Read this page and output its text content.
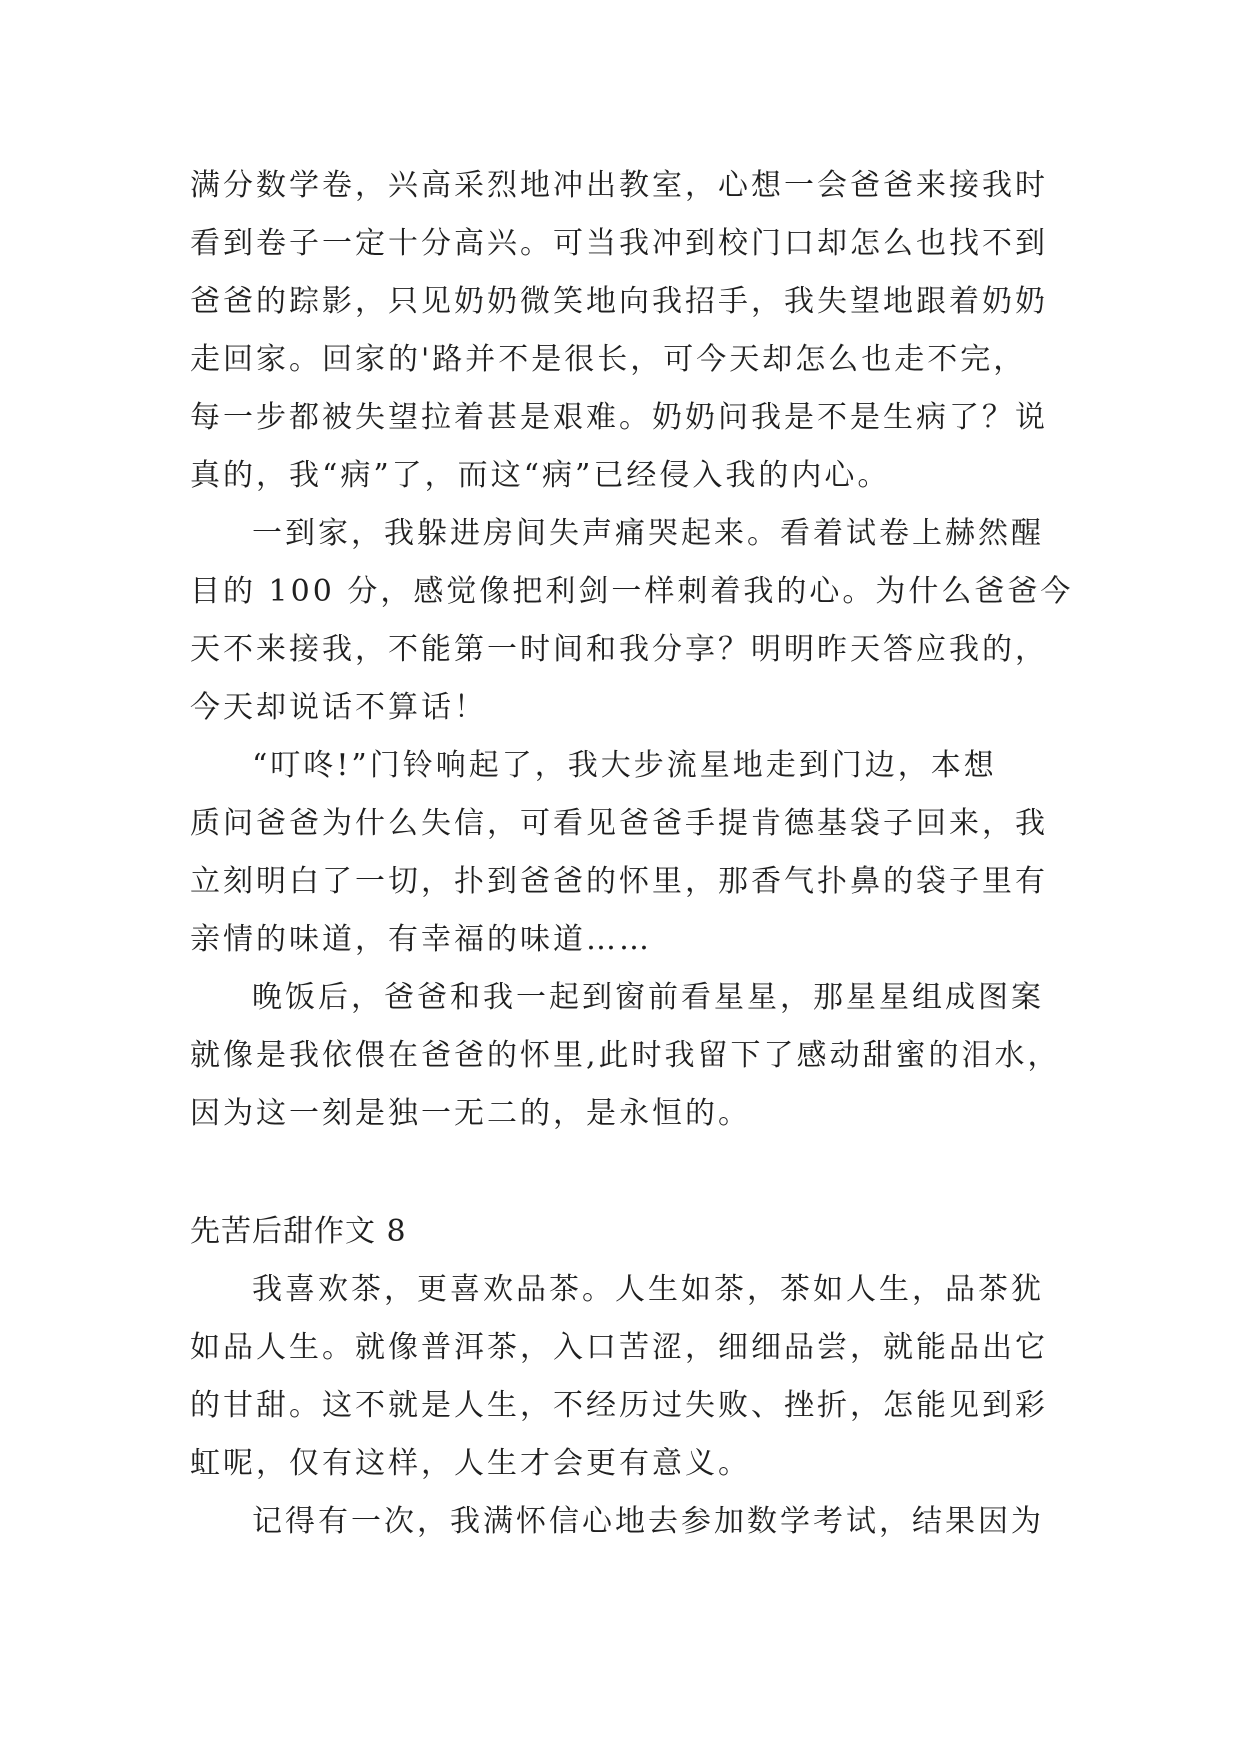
满分数学卷，兴高采烈地冲出教室，心想一会爸爸来接我时

看到卷子一定十分高兴。可当我冲到校门口却怎么也找不到

爸爸的踪影，只见奶奶微笑地向我招手，我失望地跟着奶奶

走回家。回家的'路并不是很长，可今天却怎么也走不完，

每一步都被失望拉着甚是艰难。奶奶问我是不是生病了？说

真的，我“病”了，而这“病”已经侵入我的内心。

一到家，我躲进房间失声痛哭起来。看着试卷上赫然醒

目的 100 分，感觉像把利剑一样刺着我的心。为什么爸爸今

天不来接我，不能第一时间和我分享？明明昨天答应我的，

今天却说话不算话！

“叮咚!”门铃响起了，我大步流星地走到门边，本想

质问爸爸为什么失信，可看见爸爸手提肯德基袋子回来，我

立刻明白了一切，扑到爸爸的怀里，那香气扑鼻的袋子里有

亲情的味道，有幸福的味道……

晚饭后，爸爸和我一起到窗前看星星，那星星组成图案

就像是我依偎在爸爸的怀里,此时我留下了感动甜蜜的泪水，

因为这一刻是独一无二的，是永恒的。

先苦后甜作文 8

我喜欢茶，更喜欢品茶。人生如茶，茶如人生，品茶犹

如品人生。就像普洱茶，入口苦涩，细细品尝，就能品出它

的甘甜。这不就是人生，不经历过失败、挫折，怎能见到彩

虹呢，仅有这样，人生才会更有意义。

记得有一次，我满怀信心地去参加数学考试，结果因为
